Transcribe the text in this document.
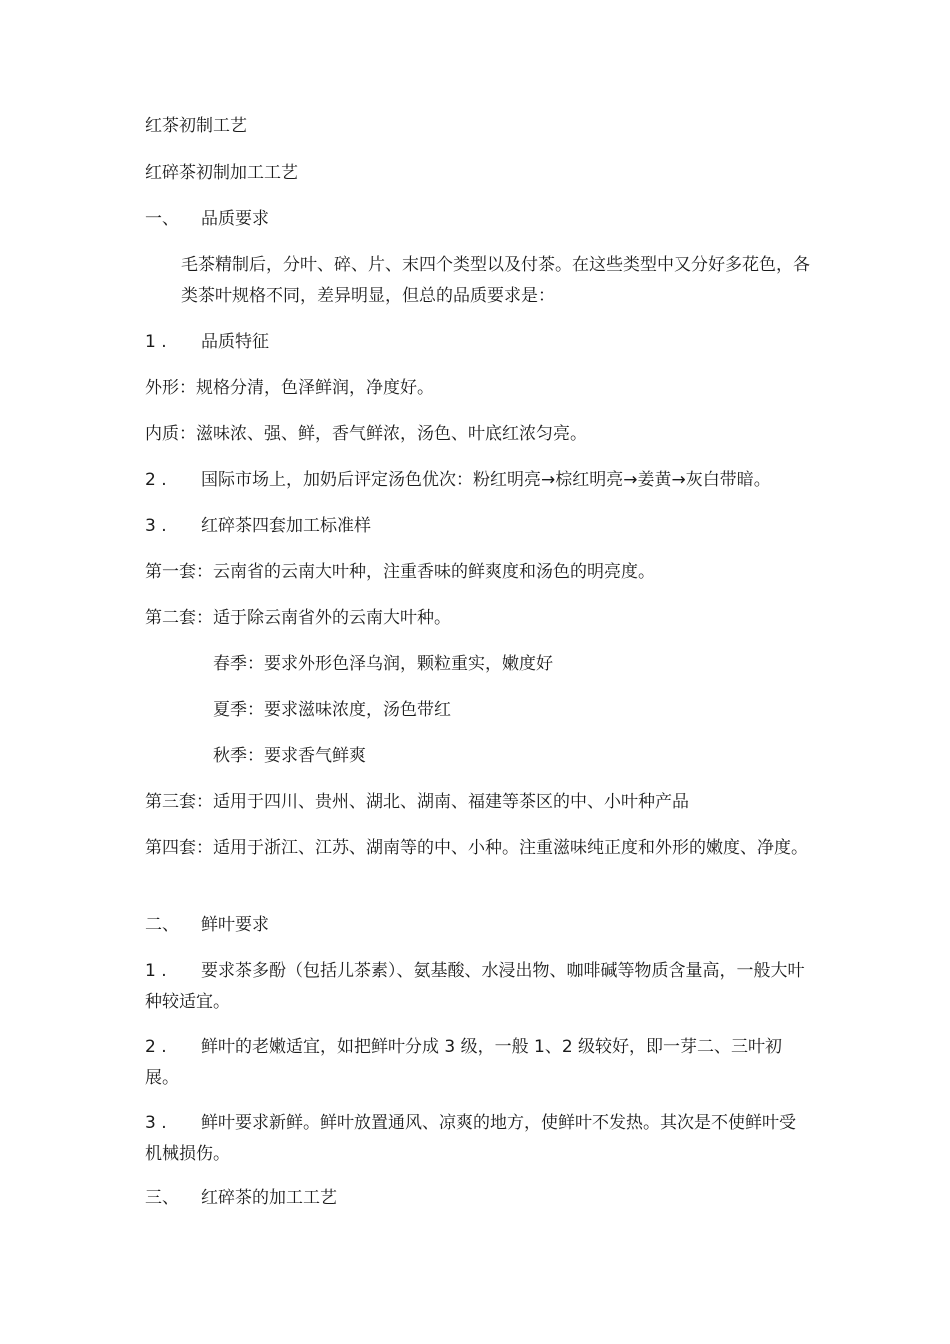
红茶初制工艺
红碎茶初制加工工艺
一、 品质要求
毛茶精制后，分叶、碎、片、末四个类型以及付茶。在这些类型中又分好多花色，各类茶叶规格不同，差异明显，但总的品质要求是：
1 . 品质特征
外形：规格分清，色泽鲜润，净度好。
内质：滋味浓、强、鲜，香气鲜浓，汤色、叶底红浓匀亮。
2 . 国际市场上，加奶后评定汤色优次：粉红明亮→棕红明亮→姜黄→灰白带暗。
3 . 红碎茶四套加工标准样
第一套：云南省的云南大叶种，注重香味的鲜爽度和汤色的明亮度。
第二套：适于除云南省外的云南大叶种。
春季：要求外形色泽乌润，颗粒重实，嫩度好
夏季：要求滋味浓度，汤色带红
秋季：要求香气鲜爽
第三套：适用于四川、贵州、湖北、湖南、福建等茶区的中、小叶种产品
第四套：适用于浙江、江苏、湖南等的中、小种。注重滋味纯正度和外形的嫩度、净度。
二、 鲜叶要求
1 . 要求茶多酚（包括儿茶素）、氨基酸、水浸出物、咖啡碱等物质含量高，一般大叶种较适宜。
2 . 鲜叶的老嫩适宜，如把鲜叶分成 3 级，一般 1、2 级较好，即一芽二、三叶初展。
3 . 鲜叶要求新鲜。鲜叶放置通风、凉爽的地方，使鲜叶不发热。其次是不使鲜叶受机械损伤。
三、 红碎茶的加工工艺
